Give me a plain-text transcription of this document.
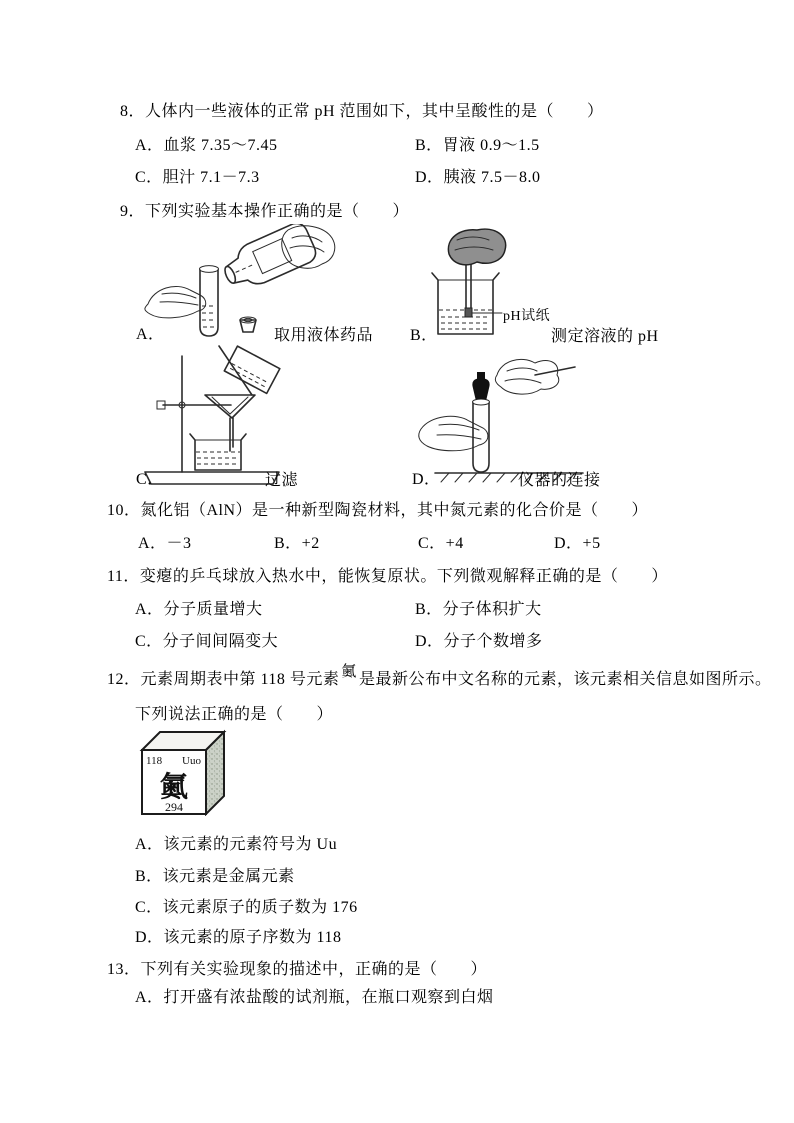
8．人体内一些液体的正常 pH 范围如下，其中呈酸性的是（　　）
A．血浆 7.35～7.45	B．胃液 0.9～1.5
C．胆汁 7.1－7.3	D．胰液 7.5－8.0
9．下列实验基本操作正确的是（　　）
A．	取用液体药品
pH试纸
B．	测定溶液的 pH
C．	过滤	D．	仪器的连接
10．氮化铝（AlN）是一种新型陶瓷材料，其中氮元素的化合价是（　　）
A．－3	B．+2	C．+4	D．+5
11．变瘪的乒乓球放入热水中，能恢复原状。下列微观解释正确的是（　　）
A．分子质量增大	B．分子体积扩大
C．分子间间隔变大	D．分子个数增多
12．元素周期表中第 118 号元素 鿫 是最新公布中文名称的元素，该元素相关信息如图所示。
下列说法正确的是（　　）
118 Uuo
鿫
294
A．该元素的元素符号为 Uu
B．该元素是金属元素
C．该元素原子的质子数为 176
D．该元素的原子序数为 118
13．下列有关实验现象的描述中，正确的是（　　）
A．打开盛有浓盐酸的试剂瓶，在瓶口观察到白烟
